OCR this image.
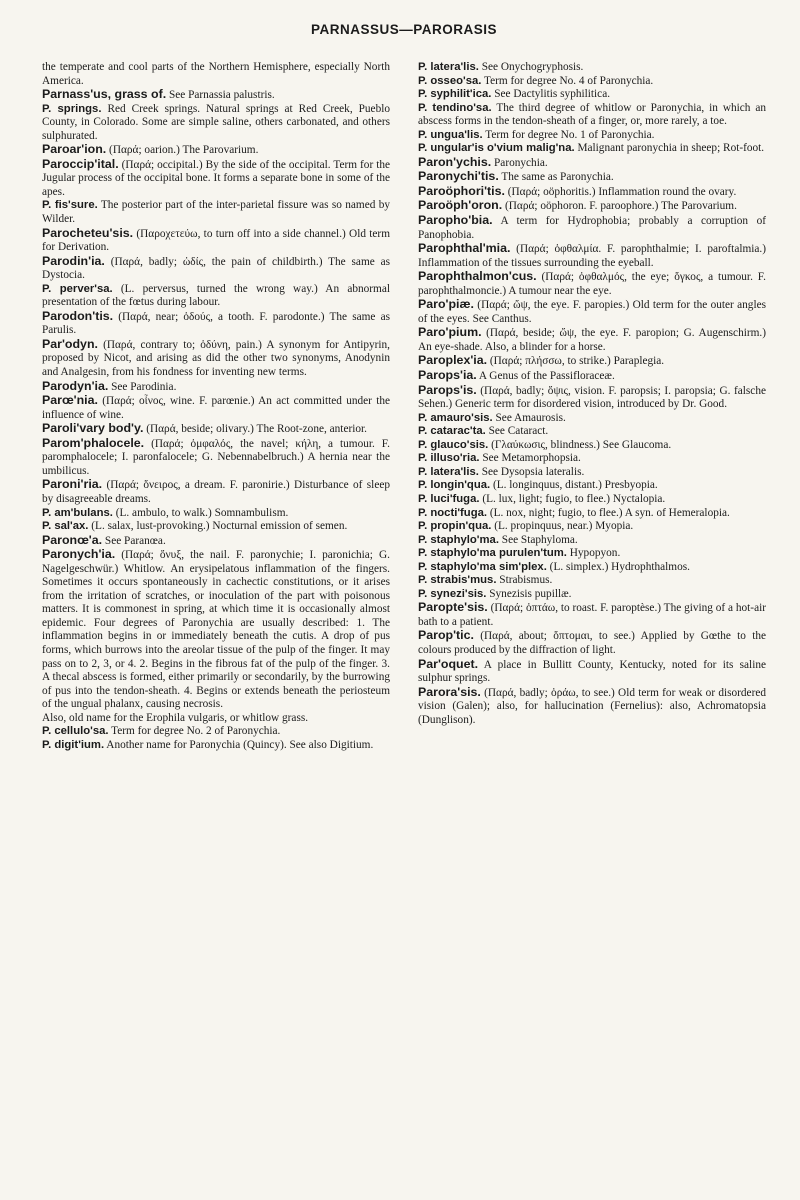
PARNASSUS—PARORASIS

the temperate and cool parts of the Northern Hemisphere, especially North America.

Parnass'us, grass of. See Parnassia palustris.

P. springs. Red Creek springs. Natural springs at Red Creek, Pueblo County, in Colorado. Some are simple saline, others carbonated, and others sulphurated.

Paroar'ion. (Παρά; oarion.) The Parovarium.

Paroccip'ital. (Παρά; occipital.) By the side of the occipital. Term for the Jugular process of the occipital bone. It forms a separate bone in some of the apes.

P. fis'sure. The posterior part of the inter-parietal fissure was so named by Wilder.

Parocheteu'sis. (Παροχετεύω, to turn off into a side channel.) Old term for Derivation.

Parodin'ia. (Παρά, badly; ὠδίς, the pain of childbirth.) The same as Dystocia.

P. perver'sa. (L. perversus, turned the wrong way.) An abnormal presentation of the fœtus during labour.

Parodon'tis. (Παρά, near; ὀδούς, a tooth. F. parodonte.) The same as Parulis.

Par'odyn. (Παρά, contrary to; ὀδύνη, pain.) A synonym for Antipyrin, proposed by Nicot, and arising as did the other two synonyms, Anodynin and Analgesin, from his fondness for inventing new terms.

Parodyn'ia. See Parodinia.

Parœ'nia. (Παρά; οἶνος, wine. F. parœnie.) An act committed under the influence of wine.

Paroli'vary bod'y. (Παρά, beside; olivary.) The Root-zone, anterior.

Parom'phalocele. (Παρά; ὀμφαλός, the navel; κήλη, a tumour. F. paromphalocele; I. paronfalocele; G. Nebennabelbruch.) A hernia near the umbilicus.

Paroni'ria. (Παρά; ὄνειρος, a dream. F. paronirie.) Disturbance of sleep by disagreeable dreams.

P. am'bulans. (L. ambulo, to walk.) Somnambulism.

P. sal'ax. (L. salax, lust-provoking.) Nocturnal emission of semen.

Paronœ'a. See Paranœa.

Paronych'ia. (Παρά; ὄνυξ, the nail. F. paronychie; I. paronichia; G. Nagelgeschwür.) Whitlow. An erysipelatous inflammation of the fingers. Sometimes it occurs spontaneously in cachectic constitutions, or it arises from the irritation of scratches, or inoculation of the part with poisonous matters. It is commonest in spring, at which time it is occasionally almost epidemic. Four degrees of Paronychia are usually described: 1. The inflammation begins in or immediately beneath the cutis. A drop of pus forms, which burrows into the areolar tissue of the pulp of the finger. It may pass on to 2, 3, or 4. 2. Begins in the fibrous fat of the pulp of the finger. 3. A thecal abscess is formed, either primarily or secondarily, by the burrowing of pus into the tendon-sheath. 4. Begins or extends beneath the periosteum of the ungual phalanx, causing necrosis.

Also, old name for the Erophila vulgaris, or whitlow grass.

P. cellulo'sa. Term for degree No. 2 of Paronychia.

P. digit'ium. Another name for Paronychia (Quincy). See also Digitium.

P. latera'lis. See Onychogryphosis.

P. osseo'sa. Term for degree No. 4 of Paronychia.

P. syphilit'ica. See Dactylitis syphilitica.

P. tendino'sa. The third degree of whitlow or Paronychia, in which an abscess forms in the tendon-sheath of a finger, or, more rarely, a toe.

P. ungua'lis. Term for degree No. 1 of Paronychia.

P. ungular'is o'vium malig'na. Malignant paronychia in sheep; Rot-foot.

Paron'ychis. Paronychia.

Paronychi'tis. The same as Paronychia.

Paroöphori'tis. (Παρά; oöphoritis.) Inflammation round the ovary.

Paroöph'oron. (Παρά; oöphoron. F. paroophore.) The Parovarium.

Paropho'bia. A term for Hydrophobia; probably a corruption of Panophobia.

Parophthal'mia. (Παρά; ὀφθαλμία. F. parophthalmie; I. paroftalmia.) Inflammation of the tissues surrounding the eyeball.

Parophthalmon'cus. (Παρά; ὀφθαλμός, the eye; ὄγκος, a tumour. F. parophthalmoncie.) A tumour near the eye.

Paro'piæ. (Παρά; ὤψ, the eye. F. paropies.) Old term for the outer angles of the eyes. See Canthus.

Paro'pium. (Παρά, beside; ὤψ, the eye. F. paropion; G. Augenschirm.) An eye-shade. Also, a blinder for a horse.

Paroplex'ia. (Παρά; πλήσσω, to strike.) Paraplegia.

Parops'ia. A Genus of the Passifloraceæ.

Parops'is. (Παρά, badly; ὄψις, vision. F. paropsis; I. paropsia; G. falsche Sehen.) Generic term for disordered vision, introduced by Dr. Good.

P. amauro'sis. See Amaurosis.

P. catarac'ta. See Cataract.

P. glauco'sis. (Γλαύκωσις, blindness.) See Glaucoma.

P. illuso'ria. See Metamorphopsia.

P. latera'lis. See Dysopsia lateralis.

P. longin'qua. (L. longinquus, distant.) Presbyopia.

P. luci'fuga. (L. lux, light; fugio, to flee.) Nyctalopia.

P. nocti'fuga. (L. nox, night; fugio, to flee.) A syn. of Hemeralopia.

P. propin'qua. (L. propinquus, near.) Myopia.

P. staphylo'ma. See Staphyloma.

P. staphylo'ma purulen'tum. Hypopyon.

P. staphylo'ma sim'plex. (L. simplex.) Hydrophthalmos.

P. strabis'mus. Strabismus.

P. synezi'sis. Synezisis pupillæ.

Paropte'sis. (Παρά; ὀπτάω, to roast. F. paroptèse.) The giving of a hot-air bath to a patient.

Parop'tic. (Παρά, about; ὄπτομαι, to see.) Applied by Gœthe to the colours produced by the diffraction of light.

Par'oquet. A place in Bullitt County, Kentucky, noted for its saline sulphur springs.

Parora'sis. (Παρά, badly; ὁράω, to see.) Old term for weak or disordered vision (Galen); also, for hallucination (Fernelius): also, Achromatopsia (Dunglison).
